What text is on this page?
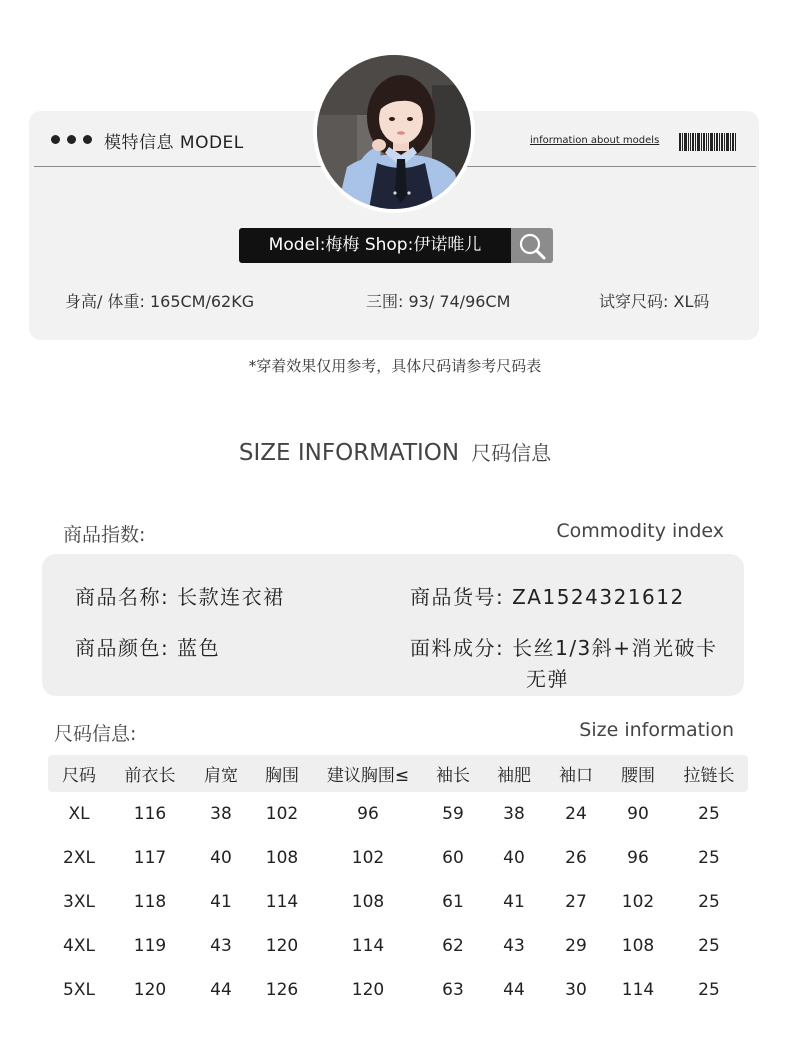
模特信息 MODEL	information about models
Model:梅梅 Shop:伊诺唯儿
身高/ 体重: 165CM/62KG	三围: 93/ 74/96CM	试穿尺码: XL码
*穿着效果仅用参考，具体尺码请参考尺码表
SIZE INFORMATION 尺码信息
商品指数:	Commodity index
商品名称: 长款连衣裙	商品货号: ZA1524321612
商品颜色: 蓝色	面料成分: 长丝1/3斜+消光破卡
无弹
尺码信息:	Size information
尺码	前衣长	肩宽	胸围	建议胸围≤	袖长	袖肥	袖口	腰围	拉链长
XL	116	38	102	96	59	38	24	90	25
2XL	117	40	108	102	60	40	26	96	25
3XL	118	41	114	108	61	41	27	102	25
4XL	119	43	120	114	62	43	29	108	25
5XL	120	44	126	120	63	44	30	114	25
